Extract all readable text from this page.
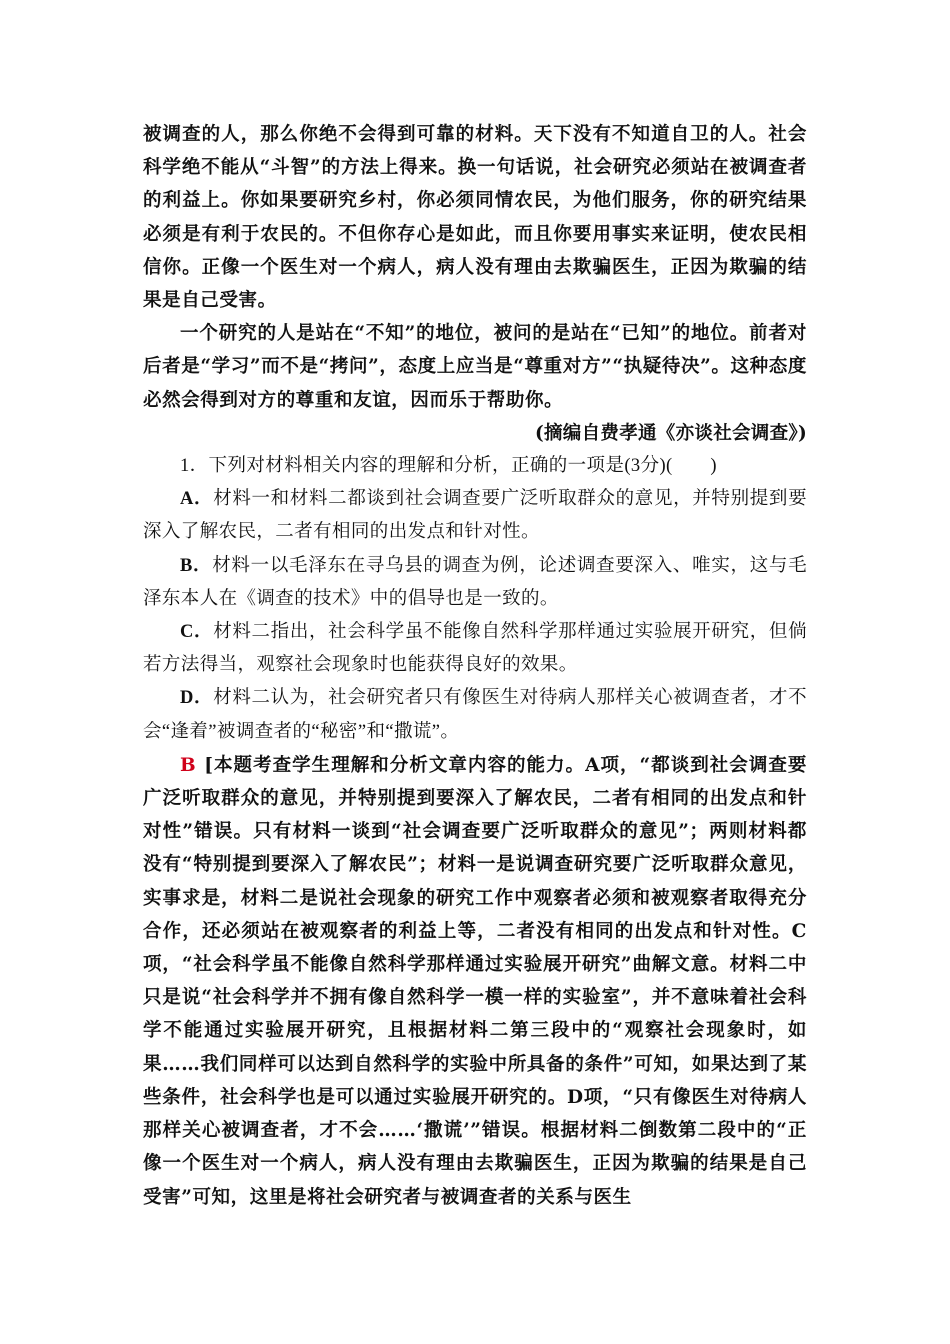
被调查的人，那么你绝不会得到可靠的材料。天下没有不知道自卫的人。社会科学绝不能从“斗智”的方法上得来。换一句话说，社会研究必须站在被调查者的利益上。你如果要研究乡村，你必须同情农民，为他们服务，你的研究结果必须是有利于农民的。不但你存心是如此，而且你要用事实来证明，使农民相信你。正像一个医生对一个病人，病人没有理由去欺骗医生，正因为欺骗的结果是自己受害。

一个研究的人是站在“不知”的地位，被问的是站在“已知”的地位。前者对后者是“学习”而不是“拷问”，态度上应当是“尊重对方”“执疑待决”。这种态度必然会得到对方的尊重和友谊，因而乐于帮助你。

(摘编自费孝通《亦谈社会调查》)

1．下列对材料相关内容的理解和分析，正确的一项是(3分)(　　)

A．材料一和材料二都谈到社会调查要广泛听取群众的意见，并特别提到要深入了解农民，二者有相同的出发点和针对性。

B．材料一以毛泽东在寻乌县的调查为例，论述调查要深入、唯实，这与毛泽东本人在《调查的技术》中的倡导也是一致的。

C．材料二指出，社会科学虽不能像自然科学那样通过实验展开研究，但倘若方法得当，观察社会现象时也能获得良好的效果。

D．材料二认为，社会研究者只有像医生对待病人那样关心被调查者，才不会“逢着”被调查者的“秘密”和“撒谎”。

B [本题考查学生理解和分析文章内容的能力。A项，“都谈到社会调查要广泛听取群众的意见，并特别提到要深入了解农民，二者有相同的出发点和针对性”错误。只有材料一谈到“社会调查要广泛听取群众的意见”；两则材料都没有“特别提到要深入了解农民”；材料一是说调查研究要广泛听取群众意见，实事求是，材料二是说社会现象的研究工作中观察者必须和被观察者取得充分合作，还必须站在被观察者的利益上等，二者没有相同的出发点和针对性。C项，“社会科学虽不能像自然科学那样通过实验展开研究”曲解文意。材料二中只是说“社会科学并不拥有像自然科学一模一样的实验室”，并不意味着社会科学不能通过实验展开研究，且根据材料二第三段中的“观察社会现象时，如果……我们同样可以达到自然科学的实验中所具备的条件”可知，如果达到了某些条件，社会科学也是可以通过实验展开研究的。D项，“只有像医生对待病人那样关心被调查者，才不会……‘撒谎’”错误。根据材料二倒数第二段中的“正像一个医生对一个病人，病人没有理由去欺骗医生，正因为欺骗的结果是自己受害”可知，这里是将社会研究者与被调查者的关系与医生
